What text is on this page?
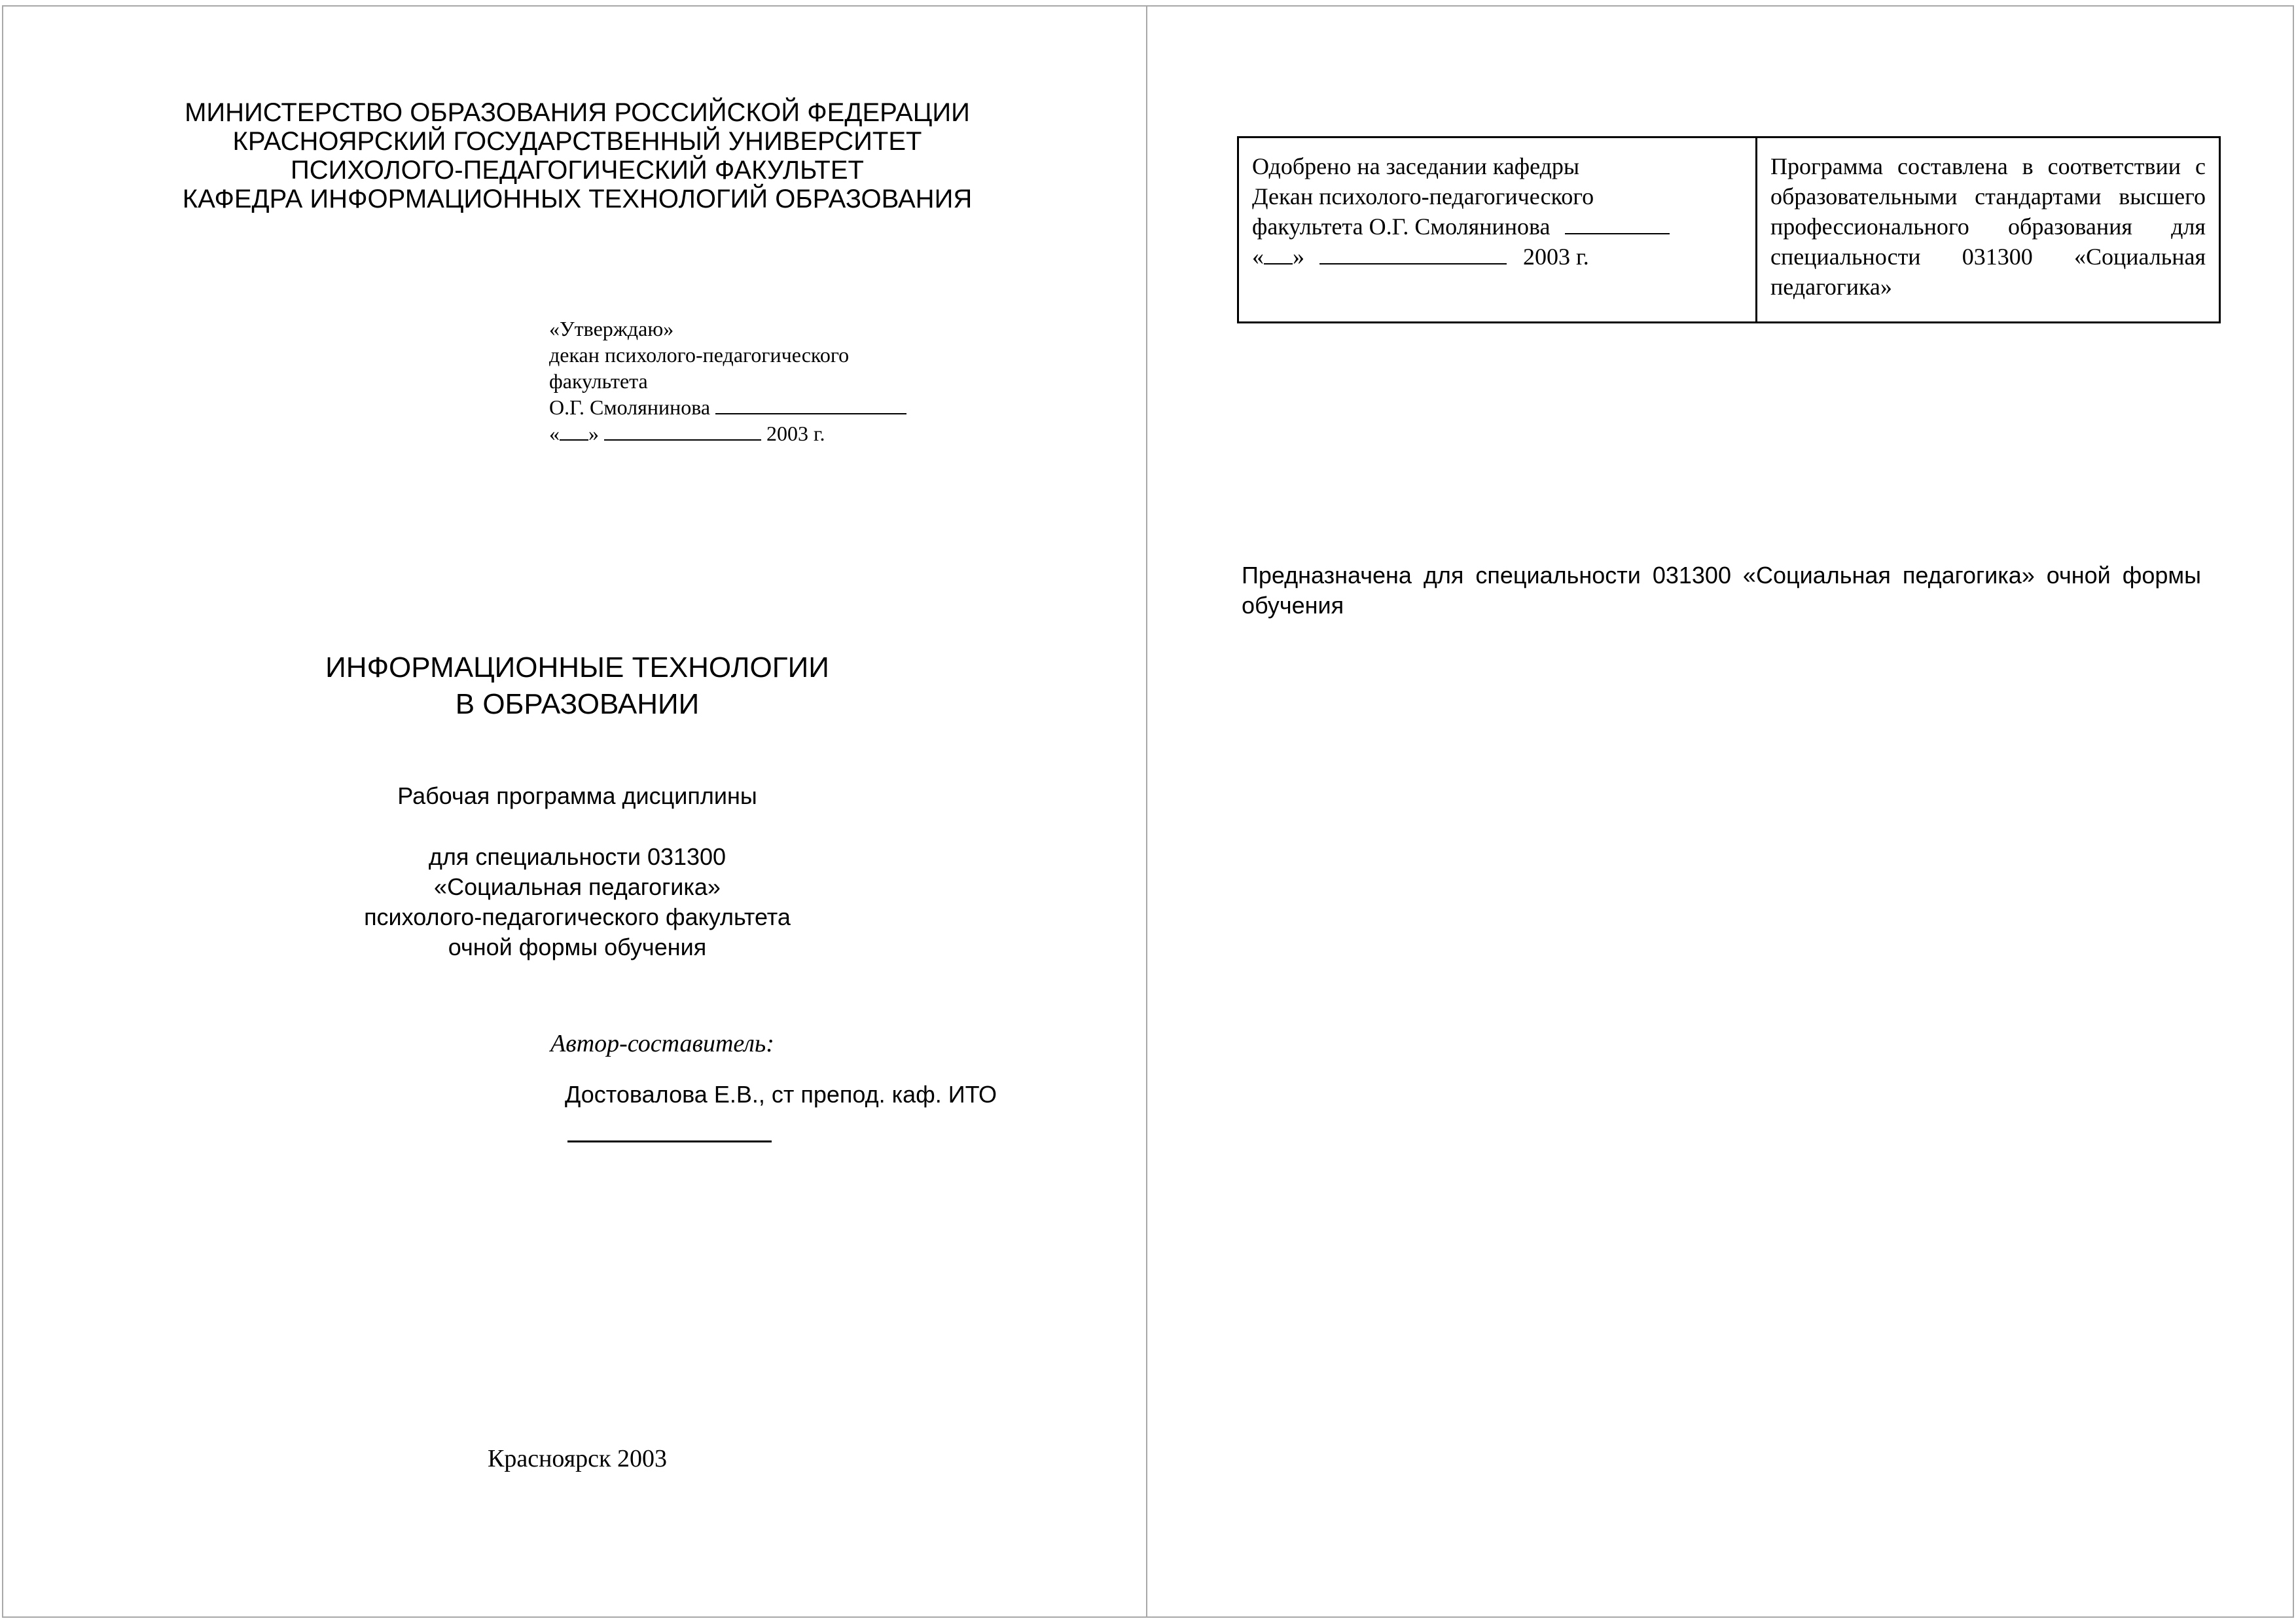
МИНИСТЕРСТВО ОБРАЗОВАНИЯ РОССИЙСКОЙ ФЕДЕРАЦИИ
КРАСНОЯРСКИЙ ГОСУДАРСТВЕННЫЙ УНИВЕРСИТЕТ
ПСИХОЛОГО-ПЕДАГОГИЧЕСКИЙ ФАКУЛЬТЕТ
КАФЕДРА ИНФОРМАЦИОННЫХ ТЕХНОЛОГИЙ ОБРАЗОВАНИЯ
«Утверждаю»
декан психолого-педагогического
факультета
О.Г. Смолянинова
« »	2003 г.
ИНФОРМАЦИОННЫЕ ТЕХНОЛОГИИ
В ОБРАЗОВАНИИ
Рабочая программа дисциплины
для специальности 031300
«Социальная педагогика»
психолого-педагогического факультета
очной формы обучения
Автор-составитель:
Достовалова Е.В., ст препод. каф. ИТО
Красноярск 2003
Одобрено на заседании кафедры
Декан психолого-педагогического
факультета О.Г. Смолянинова
« »	2003 г.
	Программа составлена в соответствии с образовательными стандартами высшего профессионального образования для специальности 031300 «Социальная педагогика»
Предназначена для специальности 031300 «Социальная педагогика» очной формы обучения
